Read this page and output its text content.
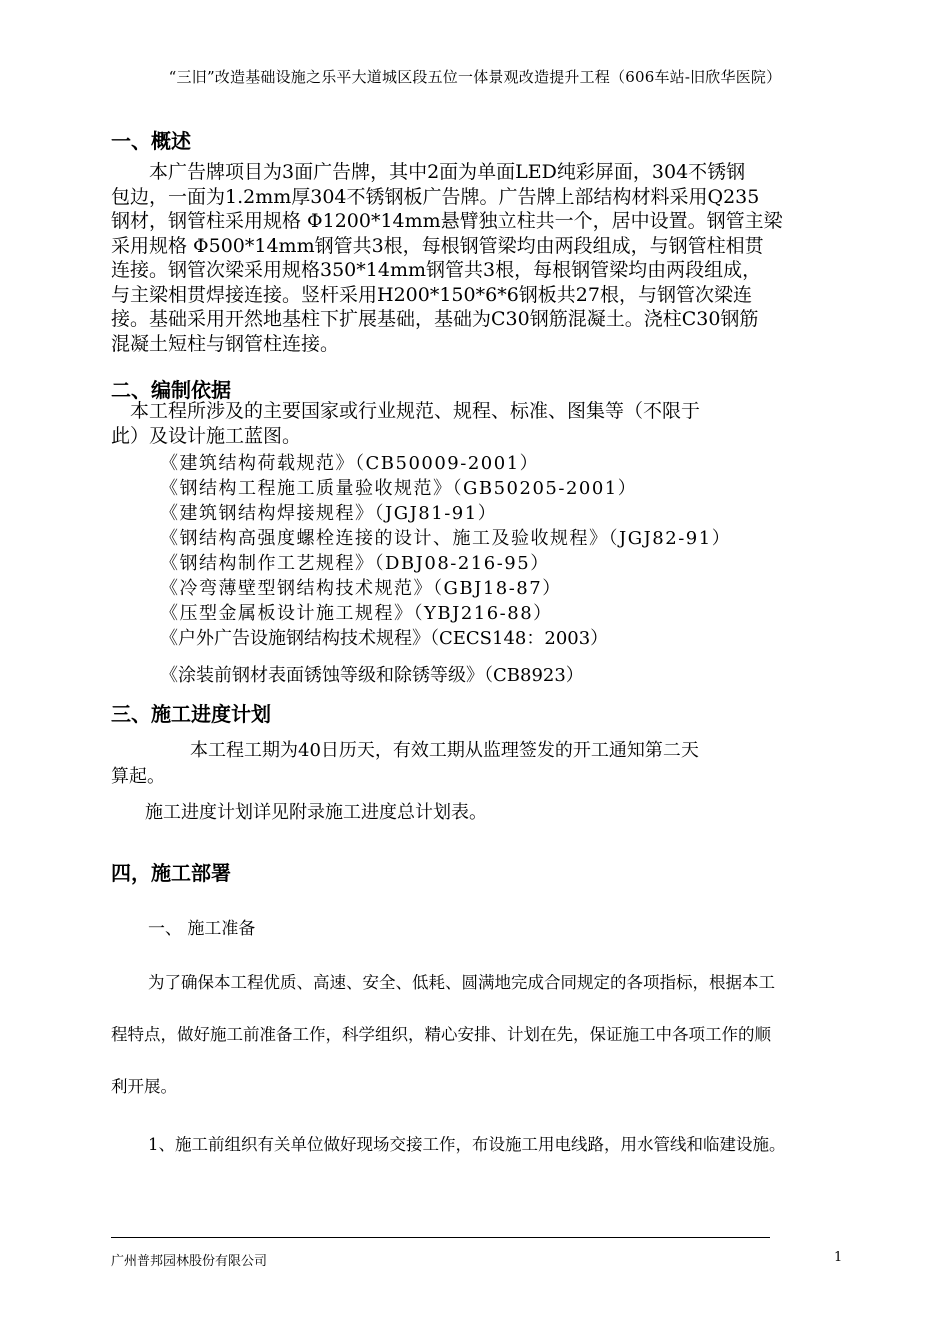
“三旧”改造基础设施之乐平大道城区段五位一体景观改造提升工程（606车站-旧欣华医院）
一、概述
　　本广告牌项目为3面广告牌，其中2面为单面LED纯彩屏面，304不锈钢
包边，一面为1.2mm厚304不锈钢板广告牌。广告牌上部结构材料采用Q235
钢材，钢管柱采用规格 Φ1200*14mm悬臂独立柱共一个，居中设置。钢管主梁
采用规格 Φ500*14mm钢管共3根，每根钢管梁均由两段组成，与钢管柱相贯
连接。钢管次梁采用规格350*14mm钢管共3根，每根钢管梁均由两段组成，
与主梁相贯焊接连接。竖杆采用H200*150*6*6钢板共27根，与钢管次梁连
接。基础采用开然地基柱下扩展基础，基础为C30钢筋混凝土。浇柱C30钢筋
混凝土短柱与钢管柱连接。
二、编制依据
　本工程所涉及的主要国家或行业规范、规程、标准、图集等（不限于
此）及设计施工蓝图。
《建筑结构荷载规范》（CB50009-2001）
《钢结构工程施工质量验收规范》（GB50205-2001）
《建筑钢结构焊接规程》（JGJ81-91）
《钢结构高强度螺栓连接的设计、施工及验收规程》（JGJ82-91）
《钢结构制作工艺规程》（DBJ08-216-95）
《冷弯薄壁型钢结构技术规范》（GBJ18-87）
《压型金属板设计施工规程》（YBJ216-88）
《户外广告设施钢结构技术规程》（CECS148：2003）
《涂装前钢材表面锈蚀等级和除锈等级》（CB8923）
三、施工进度计划
本工程工期为40日历天，有效工期从监理签发的开工通知第二天
算起。
施工进度计划详见附录施工进度总计划表。
四，施工部署
一、 施工准备
为了确保本工程优质、高速、安全、低耗、圆满地完成合同规定的各项指标，根据本工
程特点，做好施工前准备工作，科学组织，精心安排、计划在先，保证施工中各项工作的顺
利开展。
1、施工前组织有关单位做好现场交接工作，布设施工用电线路，用水管线和临建设施。
广州普邦园林股份有限公司	1
